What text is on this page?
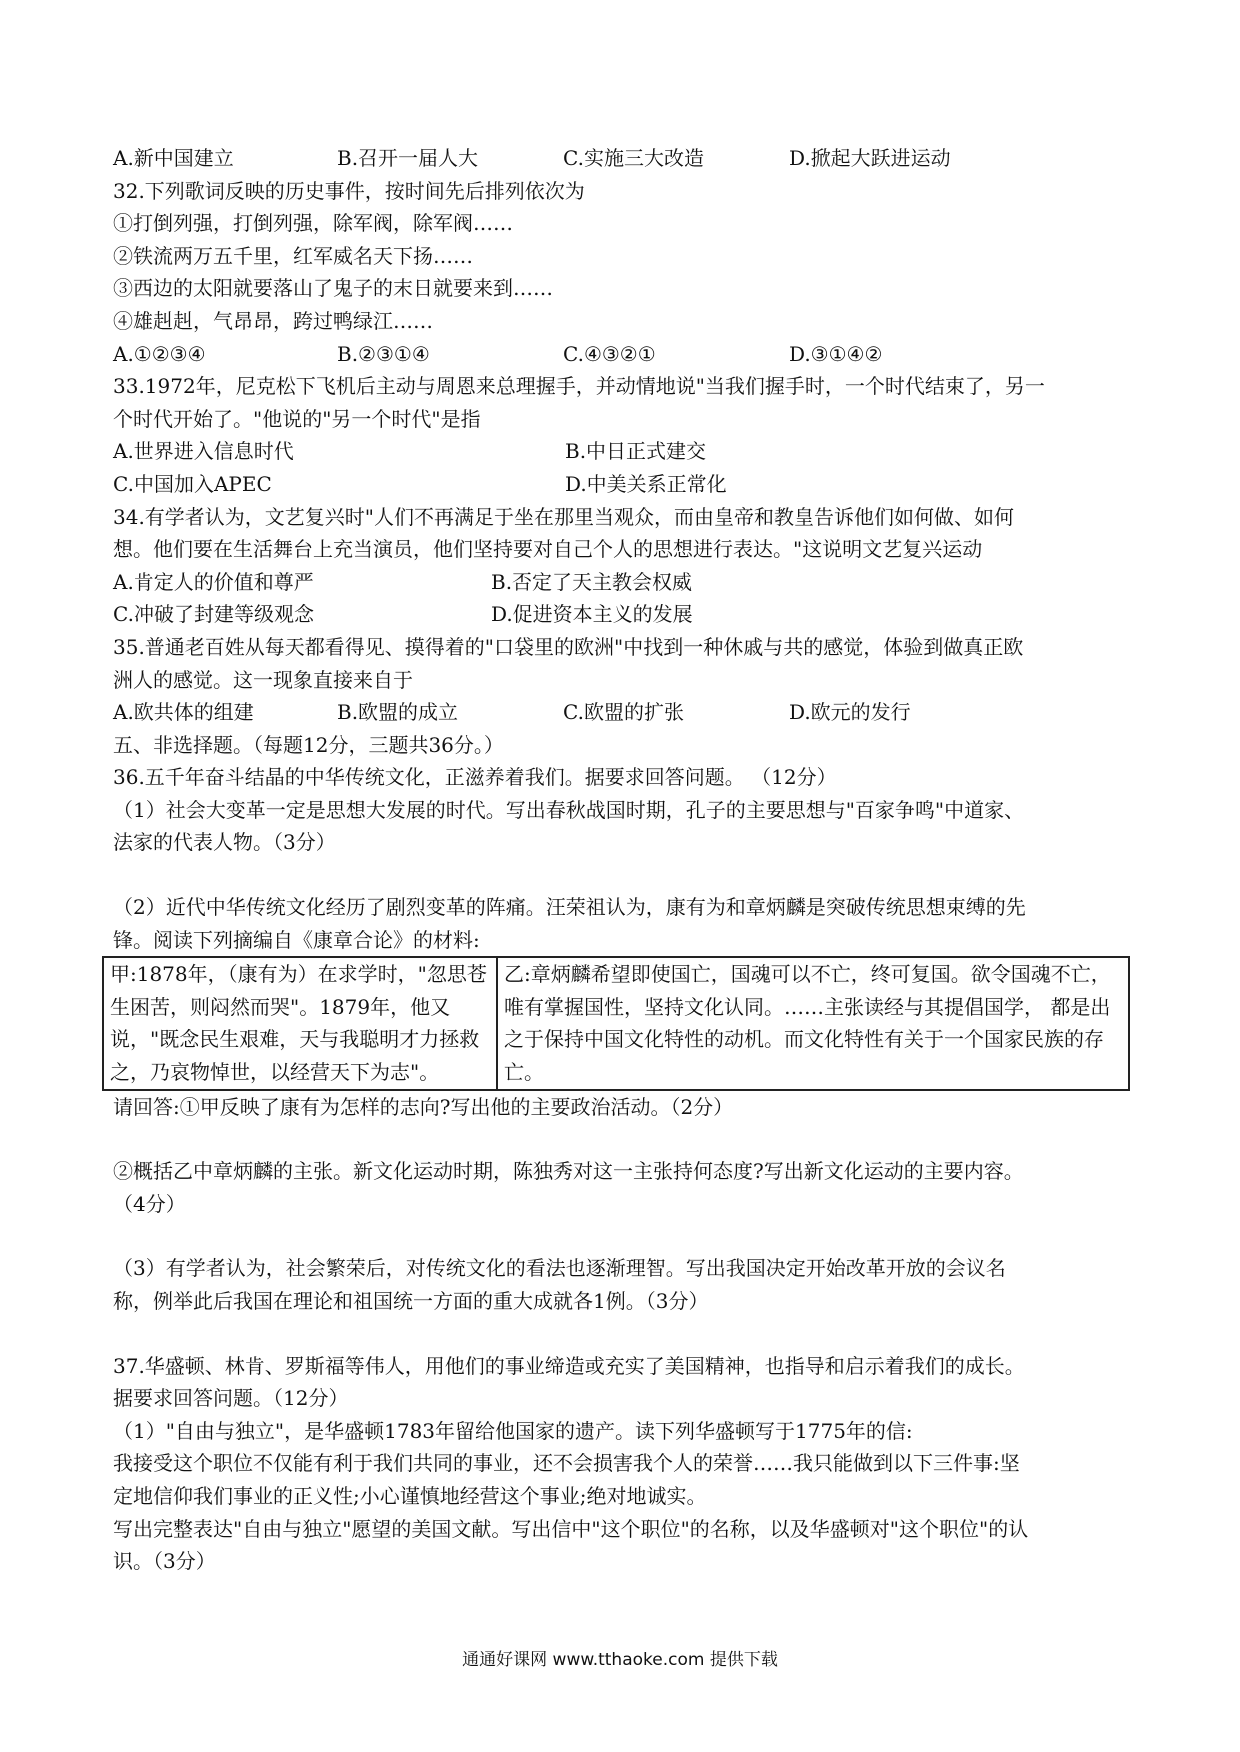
A.新中国建立	B.召开一届人大	C.实施三大改造	D.掀起大跃进运动
32.下列歌词反映的历史事件，按时间先后排列依次为
①打倒列强，打倒列强，除军阀，除军阀……
②铁流两万五千里，红军威名天下扬……
③西边的太阳就要落山了鬼子的末日就要来到……
④雄赳赳，气昂昂，跨过鸭绿江……
A.①②③④	B.②③①④	C.④③②①	D.③①④②
33.1972年，尼克松下飞机后主动与周恩来总理握手，并动情地说"当我们握手时，一个时代结束了，另一
个时代开始了。"他说的"另一个时代"是指
A.世界进入信息时代	B.中日正式建交
C.中国加入APEC	D.中美关系正常化
34.有学者认为，文艺复兴时"人们不再满足于坐在那里当观众，而由皇帝和教皇告诉他们如何做、如何
想。他们要在生活舞台上充当演员，他们坚持要对自己个人的思想进行表达。"这说明文艺复兴运动
A.肯定人的价值和尊严	B.否定了天主教会权威
C.冲破了封建等级观念	D.促进资本主义的发展
35.普通老百姓从每天都看得见、摸得着的"口袋里的欧洲"中找到一种休戚与共的感觉，体验到做真正欧
洲人的感觉。这一现象直接来自于
A.欧共体的组建	B.欧盟的成立	C.欧盟的扩张	D.欧元的发行
五、非选择题。（每题12分，三题共36分。）
36.五千年奋斗结晶的中华传统文化，正滋养着我们。据要求回答问题。 （12分）
（1）社会大变革一定是思想大发展的时代。写出春秋战国时期，孔子的主要思想与"百家争鸣"中道家、
法家的代表人物。（3分）
（2）近代中华传统文化经历了剧烈变革的阵痛。汪荣祖认为，康有为和章炳麟是突破传统思想束缚的先
锋。阅读下列摘编自《康章合论》的材料:
甲:1878年，（康有为）在求学时，"忽思苍生困苦，则闷然而哭"。1879年，他又说，"既念民生艰难，天与我聪明才力拯救之，乃哀物悼世，以经营天下为志"。	乙:章炳麟希望即使国亡，国魂可以不亡，终可复国。欲令国魂不亡，唯有掌握国性，坚持文化认同。……主张读经与其提倡国学， 都是出之于保持中国文化特性的动机。而文化特性有关于一个国家民族的存亡。
请回答:①甲反映了康有为怎样的志向?写出他的主要政治活动。（2分）
②概括乙中章炳麟的主张。新文化运动时期，陈独秀对这一主张持何态度?写出新文化运动的主要内容。
（4分）
（3）有学者认为，社会繁荣后，对传统文化的看法也逐渐理智。写出我国决定开始改革开放的会议名
称，例举此后我国在理论和祖国统一方面的重大成就各1例。（3分）
37.华盛顿、林肯、罗斯福等伟人，用他们的事业缔造或充实了美国精神，也指导和启示着我们的成长。
据要求回答问题。（12分）
（1）"自由与独立"，是华盛顿1783年留给他国家的遗产。读下列华盛顿写于1775年的信:
我接受这个职位不仅能有利于我们共同的事业，还不会损害我个人的荣誉……我只能做到以下三件事:坚
定地信仰我们事业的正义性;小心谨慎地经营这个事业;绝对地诚实。
写出完整表达"自由与独立"愿望的美国文献。写出信中"这个职位"的名称，以及华盛顿对"这个职位"的认
识。（3分）
通通好课网 www.tthaoke.com 提供下载
